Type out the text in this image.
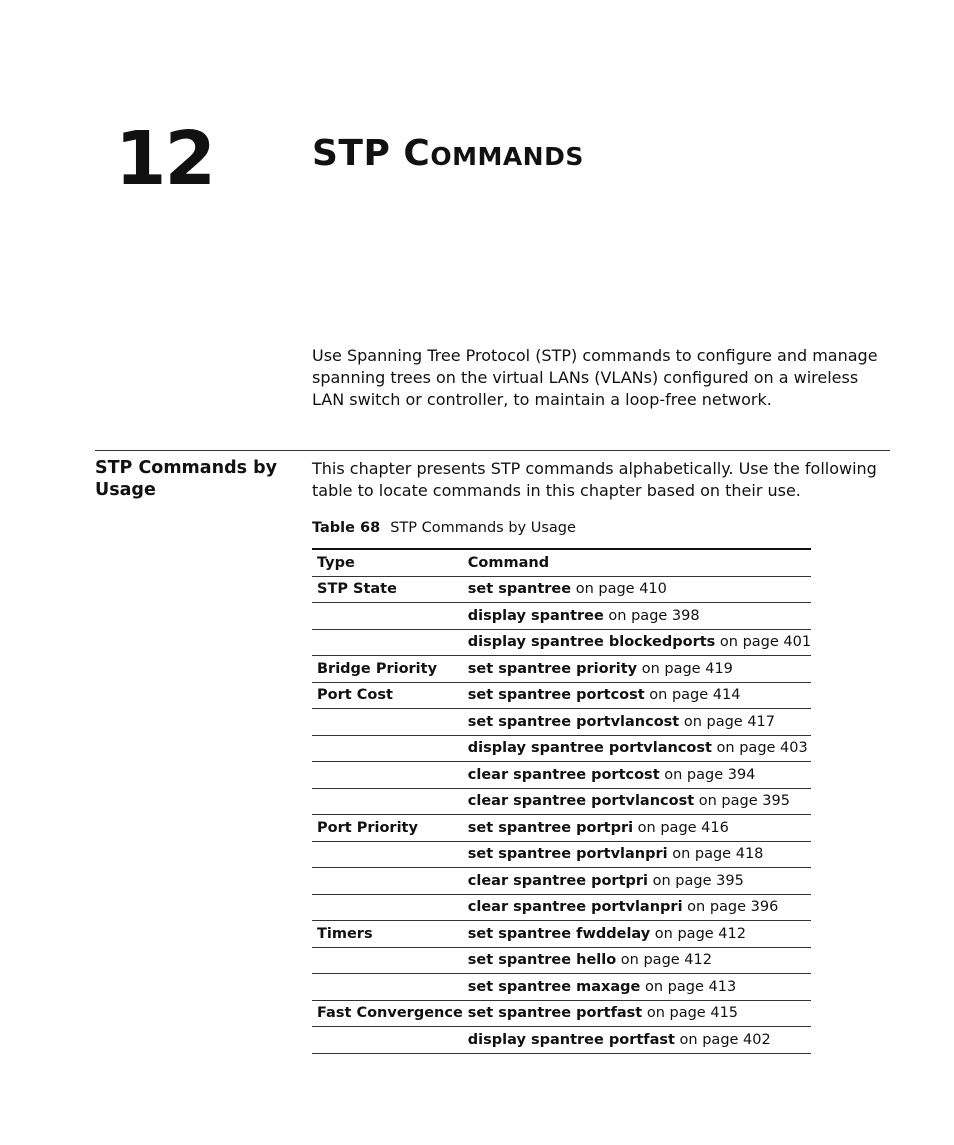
12	STP Commands

Use Spanning Tree Protocol (STP) commands to configure and manage spanning trees on the virtual LANs (VLANs) configured on a wireless LAN switch or controller, to maintain a loop-free network.

STP Commands by Usage

This chapter presents STP commands alphabetically. Use the following table to locate commands in this chapter based on their use.

Table 68 STP Commands by Usage
Type	Command
STP State	set spantree on page 410
	display spantree on page 398
	display spantree blockedports on page 401
Bridge Priority	set spantree priority on page 419
Port Cost	set spantree portcost on page 414
	set spantree portvlancost on page 417
	display spantree portvlancost on page 403
	clear spantree portcost on page 394
	clear spantree portvlancost on page 395
Port Priority	set spantree portpri on page 416
	set spantree portvlanpri on page 418
	clear spantree portpri on page 395
	clear spantree portvlanpri on page 396
Timers	set spantree fwddelay on page 412
	set spantree hello on page 412
	set spantree maxage on page 413
Fast Convergence	set spantree portfast on page 415
	display spantree portfast on page 402
